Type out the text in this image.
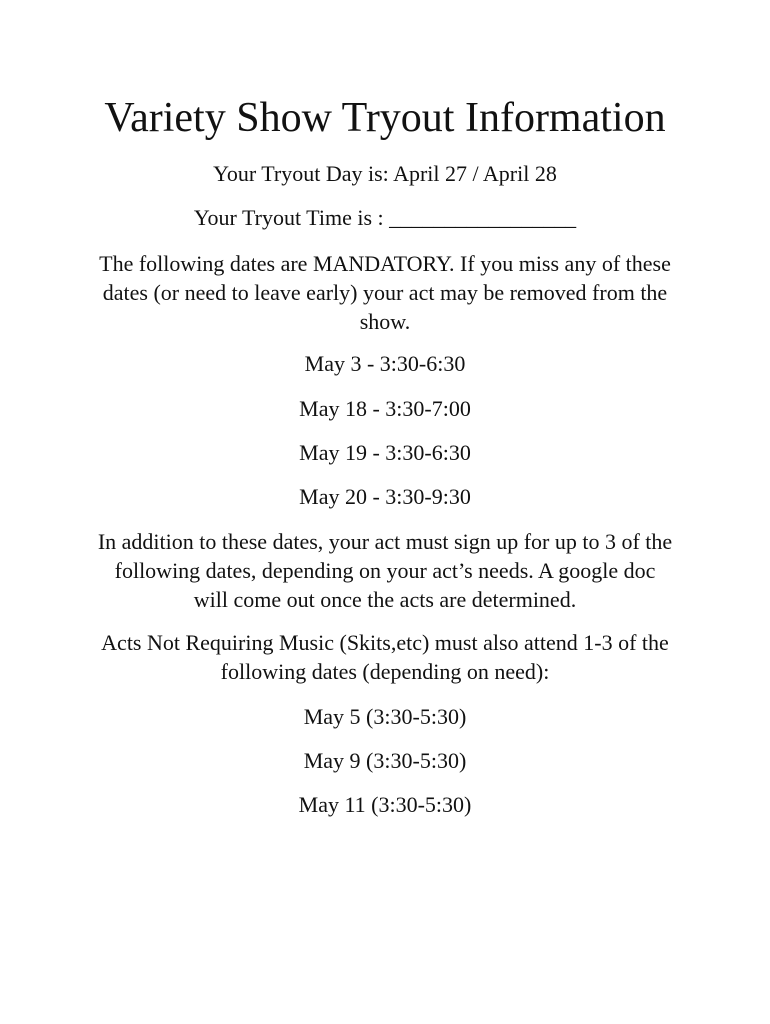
Variety Show Tryout Information

Your Tryout Day is: April 27 / April 28

Your Tryout Time is : _________________

The following dates are MANDATORY. If you miss any of these dates (or need to leave early) your act may be removed from the show.

May 3 - 3:30-6:30

May 18 - 3:30-7:00

May 19 - 3:30-6:30

May 20 - 3:30-9:30

In addition to these dates, your act must sign up for up to 3 of the following dates, depending on your act’s needs. A google doc will come out once the acts are determined.

Acts Not Requiring Music (Skits,etc) must also attend 1-3 of the following dates (depending on need):

May 5 (3:30-5:30)

May 9 (3:30-5:30)

May 11 (3:30-5:30)
